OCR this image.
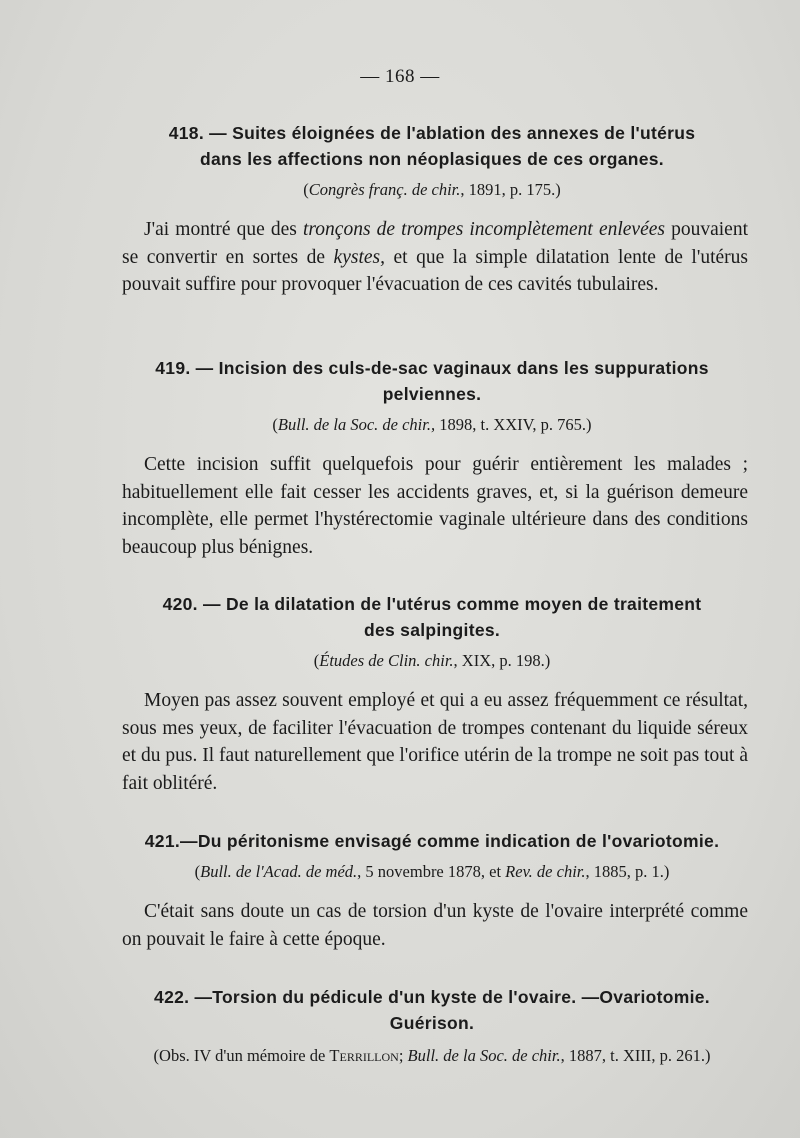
— 168 —
418. — Suites éloignées de l'ablation des annexes de l'utérus
dans les affections non néoplasiques de ces organes.
(Congrès franç. de chir., 1891, p. 175.)
J'ai montré que des tronçons de trompes incomplètement enlevées pouvaient se convertir en sortes de kystes, et que la simple dilatation lente de l'utérus pouvait suffire pour provoquer l'évacuation de ces cavités tubulaires.
419. — Incision des culs-de-sac vaginaux dans les suppurations
pelviennes.
(Bull. de la Soc. de chir., 1898, t. XXIV, p. 765.)
Cette incision suffit quelquefois pour guérir entièrement les malades ; habituellement elle fait cesser les accidents graves, et, si la guérison demeure incomplète, elle permet l'hystérectomie vaginale ultérieure dans des conditions beaucoup plus bénignes.
420. — De la dilatation de l'utérus comme moyen de traitement
des salpingites.
(Études de Clin. chir., XIX, p. 198.)
Moyen pas assez souvent employé et qui a eu assez fréquemment ce résultat, sous mes yeux, de faciliter l'évacuation de trompes contenant du liquide séreux et du pus. Il faut naturellement que l'orifice utérin de la trompe ne soit pas tout à fait oblitéré.
421.—Du péritonisme envisagé comme indication de l'ovariotomie.
(Bull. de l'Acad. de méd., 5 novembre 1878, et Rev. de chir., 1885, p. 1.)
C'était sans doute un cas de torsion d'un kyste de l'ovaire interprété comme on pouvait le faire à cette époque.
422. —Torsion du pédicule d'un kyste de l'ovaire. —Ovariotomie.
Guérison.
(Obs. IV d'un mémoire de Terrillon; Bull. de la Soc. de chir., 1887, t. XIII, p. 261.)
